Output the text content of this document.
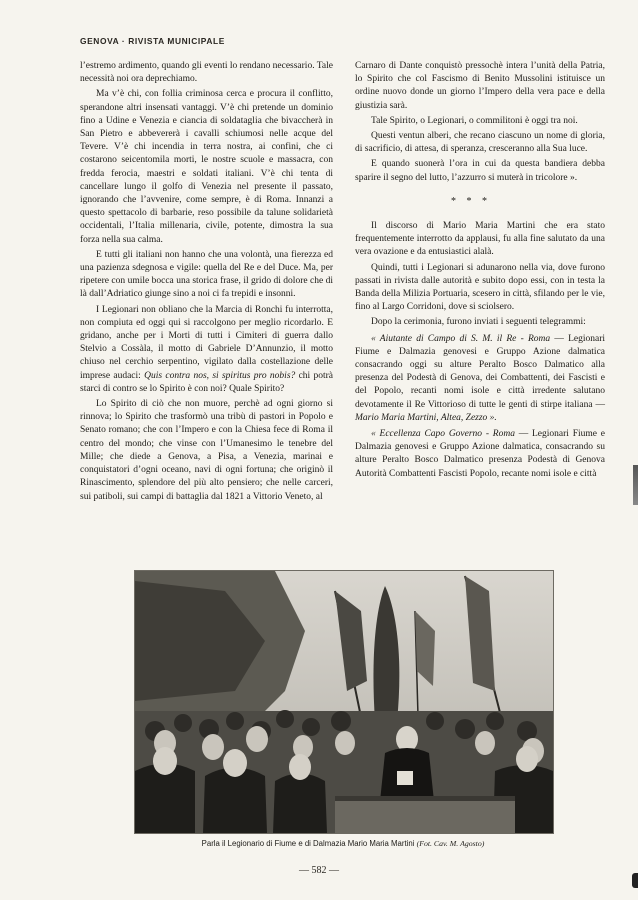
GENOVA · RIVISTA MUNICIPALE

l’estremo ardimento, quando gli eventi lo rendano necessario. Tale necessità noi ora deprechiamo.

Ma v’è chi, con follia criminosa cerca e procura il conflitto, sperandone altri insensati vantaggi. V’è chi pretende un dominio fino a Udine e Venezia e ciancia di soldataglia che bivaccherà in San Pietro e abbevererà i cavalli schiumosi nelle acque del Tevere. V’è chi incendia in terra nostra, ai confini, che ci costarono seicentomila morti, le nostre scuole e massacra, con fredda ferocia, maestri e soldati italiani. V’è chi tenta di cancellare lungo il golfo di Venezia nel presente il passato, ignorando che l’avvenire, come sempre, è di Roma. Innanzi a questo spettacolo di barbarie, reso possibile da talune solidarietà occidentali, l’Italia millenaria, civile, potente, dimostra la sua forza nella sua calma.

E tutti gli italiani non hanno che una volontà, una fierezza ed una pazienza sdegnosa e vigile: quella del Re e del Duce. Ma, per ripetere con umile bocca una storica frase, il grido di dolore che di là dall’Adriatico giunge sino a noi ci fa trepidi e insonni.

I Legionari non obliano che la Marcia di Ronchi fu interrotta, non compiuta ed oggi qui si raccolgono per meglio ricordarlo. E gridano, anche per i Morti di tutti i Cimiteri di guerra dallo Stelvio a Cossàla, il motto di Gabriele D’Annunzio, il motto chiuso nel cerchio serpentino, vigilato dalla costellazione delle imprese audaci: Quis contra nos, si spiritus pro nobis? chi potrà starci di contro se lo Spirito è con noi? Quale Spirito?

Lo Spirito di ciò che non muore, perchè ad ogni giorno si rinnova; lo Spirito che trasformò una tribù di pastori in Popolo e Senato romano; che con l’Impero e con la Chiesa fece di Roma il centro del mondo; che vinse con l’Umanesimo le tenebre del Mille; che diede a Genova, a Pisa, a Venezia, marinai e conquistatori d’ogni oceano, navi di ogni fortuna; che originò il Rinascimento, splendore del più alto pensiero; che nelle carceri, sui patiboli, sui campi di battaglia dal 1821 a Vittorio Veneto, al

Carnaro di Dante conquistò pressochè intera l’unità della Patria, lo Spirito che col Fascismo di Benito Mussolini istituisce un ordine nuovo donde un giorno l’Impero della vera pace e della giustizia sarà.

Tale Spirito, o Legionari, o commilitoni è oggi tra noi.

Questi ventun alberi, che recano ciascuno un nome di gloria, di sacrificio, di attesa, di speranza, cresceranno alla Sua luce.

E quando suonerà l’ora in cui da questa bandiera debba sparire il segno del lutto, l’azzurro si muterà in tricolore ».

* * *

Il discorso di Mario Maria Martini che era stato frequentemente interrotto da applausi, fu alla fine salutato da una vera ovazione e da entusiastici alalà.

Quindi, tutti i Legionari si adunarono nella via, dove furono passati in rivista dalle autorità e subito dopo essi, con in testa la Banda della Milizia Portuaria, scesero in città, sfilando per le vie, fino al Largo Corridoni, dove si sciolsero.

Dopo la cerimonia, furono inviati i seguenti telegrammi:

« Aiutante di Campo di S. M. il Re - Roma — Legionari Fiume e Dalmazia genovesi e Gruppo Azione dalmatica consacrando oggi su alture Peralto Bosco Dalmatico alla presenza del Podestà di Genova, dei Combattenti, dei Fascisti e del Popolo, recanti nomi isole e città irredente salutano devotamente il Re Vittorioso di tutte le genti di stirpe italiana — Mario Maria Martini, Altea, Zezzo ».

« Eccellenza Capo Governo - Roma — Legionari Fiume e Dalmazia genovesi e Gruppo Azione dalmatica, consacrando su alture Peralto Bosco Dalmatico presenza Podestà di Genova Autorità Combattenti Fascisti Popolo, recante nomi isole e città

Parla il Legionario di Fiume e di Dalmazia Mario Maria Martini (Fot. Cav. M. Agosto)
— 582 —
